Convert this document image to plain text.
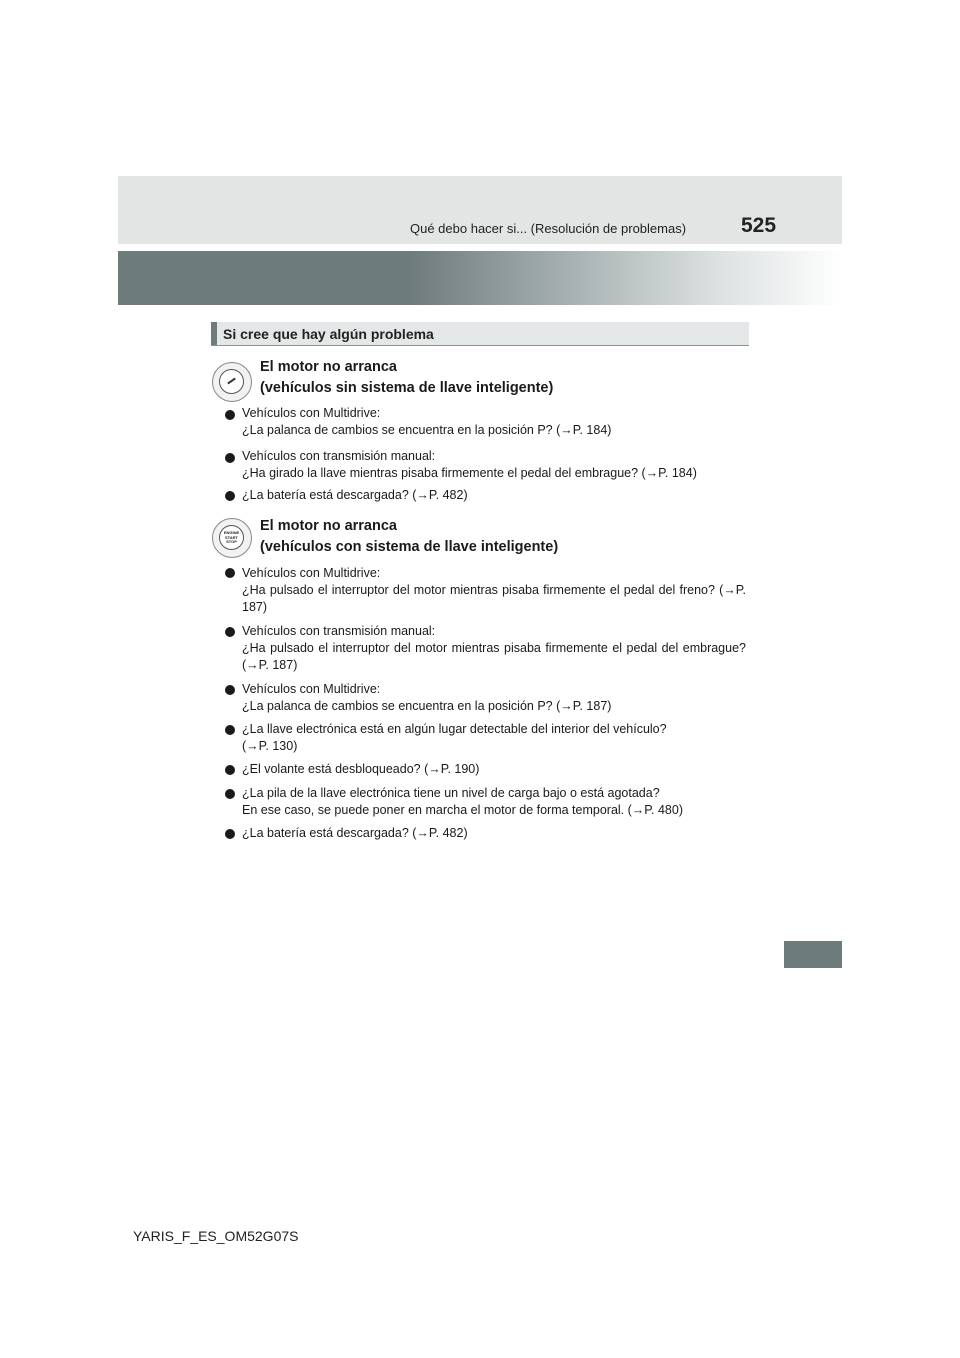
Qué debo hacer si... (Resolución de problemas)	525
Si cree que hay algún problema
El motor no arranca
(vehículos sin sistema de llave inteligente)

Vehículos con Multidrive:

¿La palanca de cambios se encuentra en la posición P? (→P. 184)

Vehículos con transmisión manual:

¿Ha girado la llave mientras pisaba firmemente el pedal del embrague? (→P. 184)

¿La batería está descargada? (→P. 482)

ENGINE START STOP
El motor no arranca
(vehículos con sistema de llave inteligente)

Vehículos con Multidrive:

¿Ha pulsado el interruptor del motor mientras pisaba firmemente el pedal del freno? (→P. 187)

Vehículos con transmisión manual:

¿Ha pulsado el interruptor del motor mientras pisaba firmemente el pedal del embrague? (→P. 187)

Vehículos con Multidrive:

¿La palanca de cambios se encuentra en la posición P? (→P. 187)

¿La llave electrónica está en algún lugar detectable del interior del vehículo?

(→P. 130)

¿El volante está desbloqueado? (→P. 190)

¿La pila de la llave electrónica tiene un nivel de carga bajo o está agotada?

En ese caso, se puede poner en marcha el motor de forma temporal. (→P. 480)

¿La batería está descargada? (→P. 482)

YARIS_F_ES_OM52G07S
